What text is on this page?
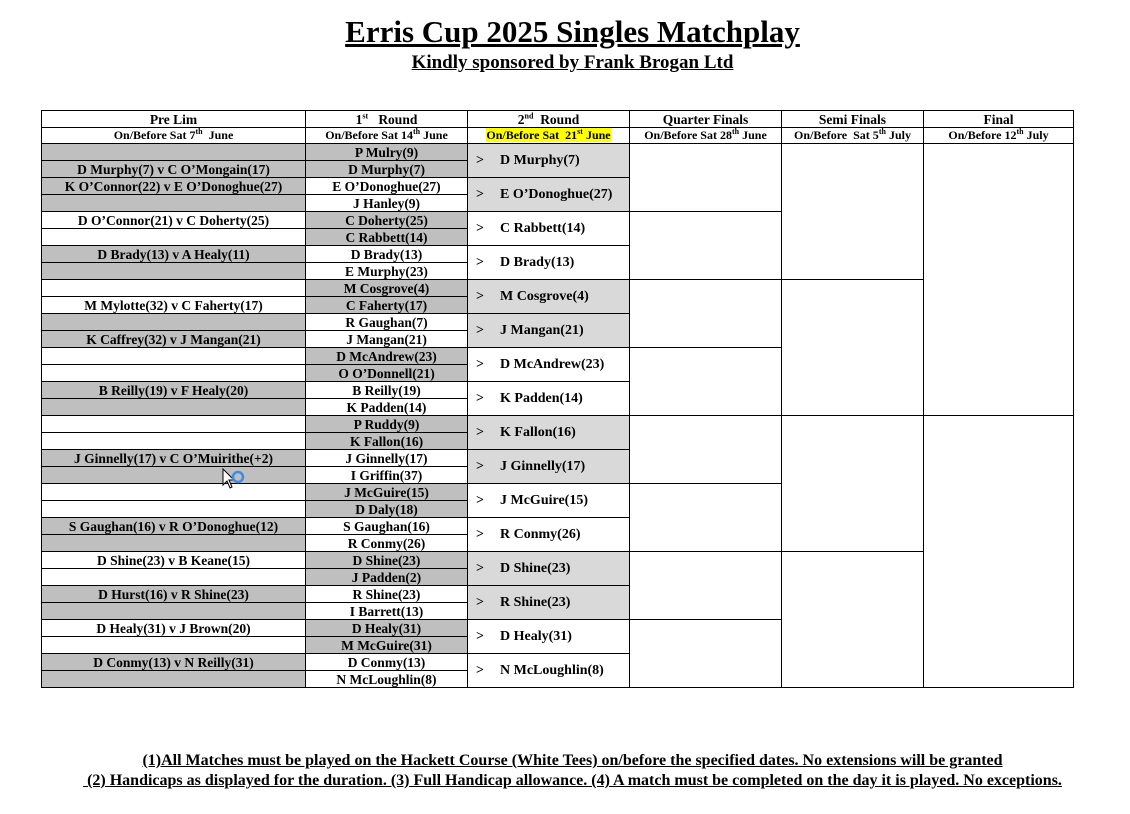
Erris Cup 2025 Singles Matchplay
Kindly sponsored by Frank Brogan Ltd
Pre Lim	1st   Round	2nd  Round	Quarter Finals	Semi Finals	Final
On/Before Sat 7th  June	On/Before Sat 14th June	On/Before Sat  21st June	On/Before Sat 28th June	On/Before  Sat 5th July	On/Before 12th July
	P Mulry(9)	> D Murphy(7)			
D Murphy(7) v C O’Mongain(17)	D Murphy(7)				
K O’Connor(22) v E O’Donoghue(27)	E O’Donoghue(27)	> E O’Donoghue(27)			
	J Hanley(9)				
D O’Connor(21) v C Doherty(25)	C Doherty(25)	> C Rabbett(14)			
	C Rabbett(14)				
D Brady(13) v A Healy(11)	D Brady(13)	> D Brady(13)			
	E Murphy(23)				
	M Cosgrove(4)	> M Cosgrove(4)			
M Mylotte(32) v C Faherty(17)	C Faherty(17)				
	R Gaughan(7)	> J Mangan(21)			
K Caffrey(32) v J Mangan(21)	J Mangan(21)				
	D McAndrew(23)	> D McAndrew(23)			
	O O’Donnell(21)				
B Reilly(19) v F Healy(20)	B Reilly(19)	> K Padden(14)			
	K Padden(14)				
	P Ruddy(9)	> K Fallon(16)			
	K Fallon(16)				
J Ginnelly(17) v C O’Muirithe(+2)	J Ginnelly(17)	> J Ginnelly(17)			
	I Griffin(37)				
	J McGuire(15)	> J McGuire(15)			
	D Daly(18)				
S Gaughan(16) v R O’Donoghue(12)	S Gaughan(16)	> R Conmy(26)			
	R Conmy(26)				
D Shine(23) v B Keane(15)	D Shine(23)	> D Shine(23)			
	J Padden(2)				
D Hurst(16) v R Shine(23)	R Shine(23)	> R Shine(23)			
	I Barrett(13)				
D Healy(31) v J Brown(20)	D Healy(31)	> D Healy(31)			
	M McGuire(31)				
D Conmy(13) v N Reilly(31)	D Conmy(13)	> N McLoughlin(8)			
	N McLoughlin(8)				
(1)All Matches must be played on the Hackett Course (White Tees) on/before the specified dates. No extensions will be granted
(2) Handicaps as displayed for the duration. (3) Full Handicap allowance. (4) A match must be completed on the day it is played. No exceptions.
